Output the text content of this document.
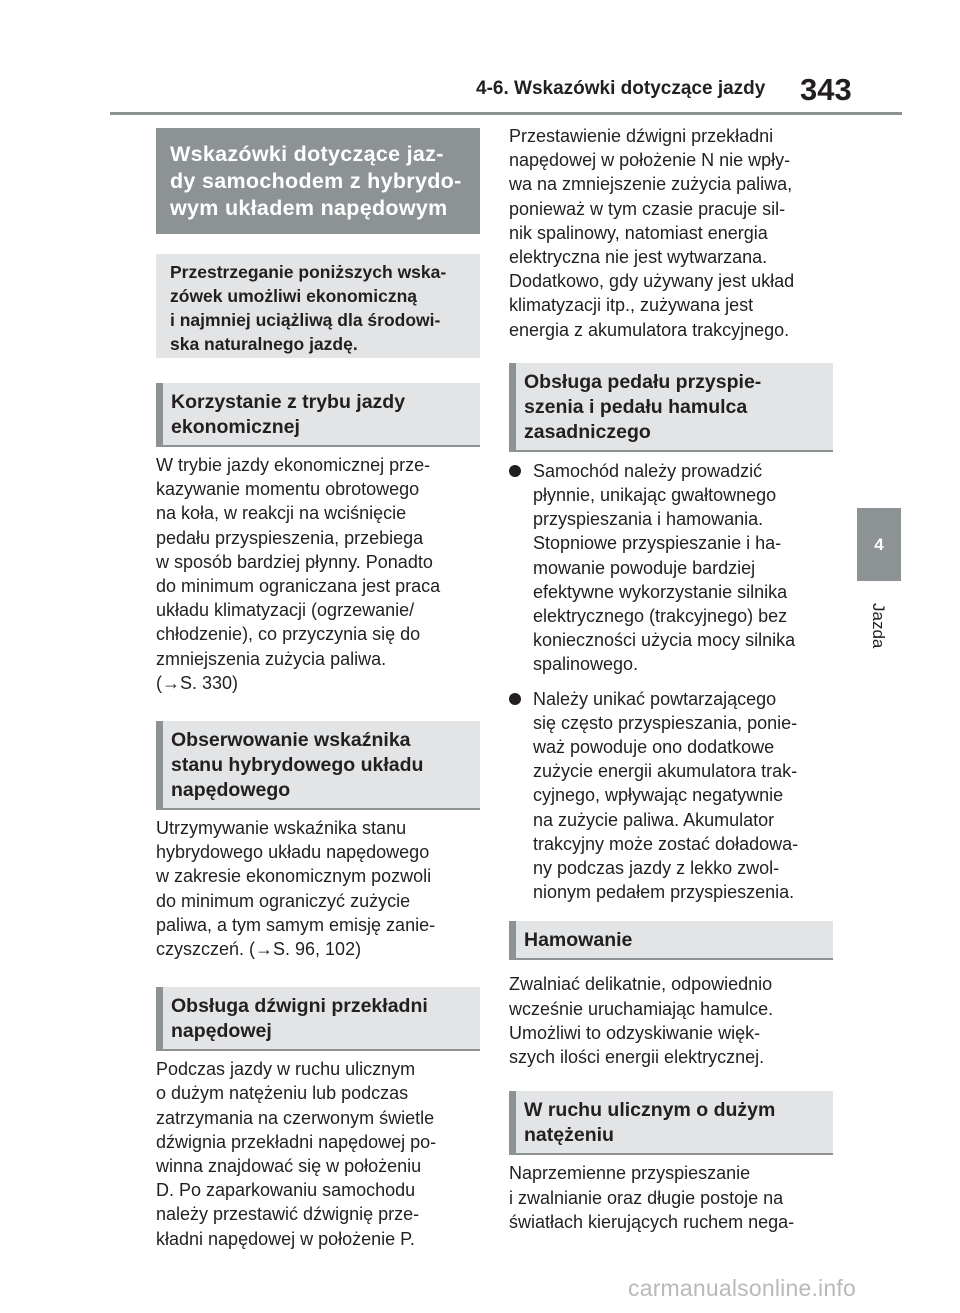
4-6. Wskazówki dotyczące jazdy 343
4
Jazda
Wskazówki dotyczące jaz-
dy samochodem z hybrydo-
wym układem napędowym
Przestrzeganie poniższych wska-
zówek umożliwi ekonomiczną
i najmniej uciążliwą dla środowi-
ska naturalnego jazdę.
Korzystanie z trybu jazdy
ekonomicznej
W trybie jazdy ekonomicznej prze-
kazywanie momentu obrotowego
na koła, w reakcji na wciśnięcie
pedału przyspieszenia, przebiega
w sposób bardziej płynny. Ponadto
do minimum ograniczana jest praca
układu klimatyzacji (ogrzewanie/
chłodzenie), co przyczynia się do
zmniejszenia zużycia paliwa.
(→S. 330)
Obserwowanie wskaźnika
stanu hybrydowego układu
napędowego
Utrzymywanie wskaźnika stanu
hybrydowego układu napędowego
w zakresie ekonomicznym pozwoli
do minimum ograniczyć zużycie
paliwa, a tym samym emisję zanie-
czyszczeń. (→S. 96, 102)
Obsługa dźwigni przekładni
napędowej
Podczas jazdy w ruchu ulicznym
o dużym natężeniu lub podczas
zatrzymania na czerwonym świetle
dźwignia przekładni napędowej po-
winna znajdować się w położeniu
D. Po zaparkowaniu samochodu
należy przestawić dźwignię prze-
kładni napędowej w położenie P.
Przestawienie dźwigni przekładni
napędowej w położenie N nie wpły-
wa na zmniejszenie zużycia paliwa,
ponieważ w tym czasie pracuje sil-
nik spalinowy, natomiast energia
elektryczna nie jest wytwarzana.
Dodatkowo, gdy używany jest układ
klimatyzacji itp., zużywana jest
energia z akumulatora trakcyjnego.
Obsługa pedału przyspie-
szenia i pedału hamulca
zasadniczego
Samochód należy prowadzić
płynnie, unikając gwałtownego
przyspieszania i hamowania.
Stopniowe przyspieszanie i ha-
mowanie powoduje bardziej
efektywne wykorzystanie silnika
elektrycznego (trakcyjnego) bez
konieczności użycia mocy silnika
spalinowego.
Należy unikać powtarzającego
się często przyspieszania, ponie-
waż powoduje ono dodatkowe
zużycie energii akumulatora trak-
cyjnego, wpływając negatywnie
na zużycie paliwa. Akumulator
trakcyjny może zostać doładowa-
ny podczas jazdy z lekko zwol-
nionym pedałem przyspieszenia.
Hamowanie
Zwalniać delikatnie, odpowiednio
wcześnie uruchamiając hamulce.
Umożliwi to odzyskiwanie więk-
szych ilości energii elektrycznej.
W ruchu ulicznym o dużym
natężeniu
Naprzemienne przyspieszanie
i zwalnianie oraz długie postoje na
światłach kierujących ruchem nega-
carmanualsonline.info
